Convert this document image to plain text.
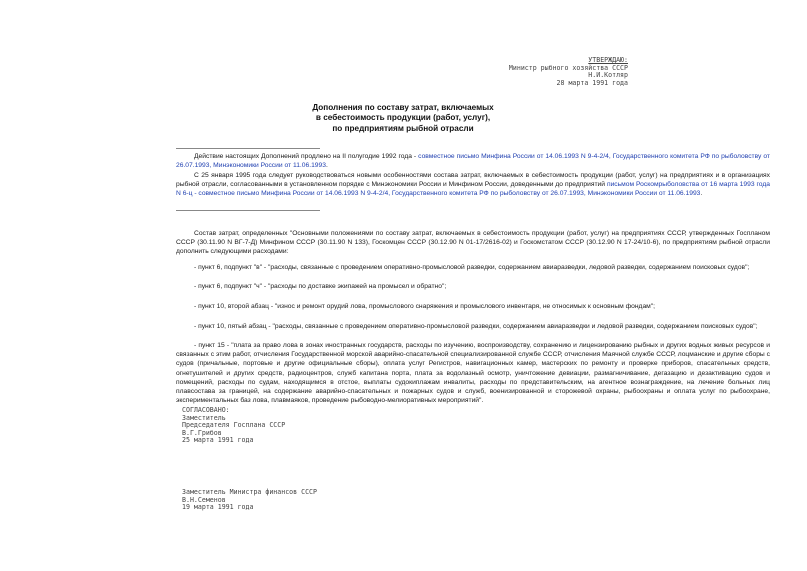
УТВЕРЖДАЮ:
Министр рыбного хозяйства СССР
Н.И.Котляр
28 марта 1991 года
Дополнения по составу затрат, включаемых
в себестоимость продукции (работ, услуг),
по предприятиям рыбной отрасли
Действие настоящих Дополнений продлено на II полугодие 1992 года - совместное письмо Минфина России от 14.06.1993 N 9-4-2/4, Государственного комитета РФ по рыболовству от 26.07.1993, Минэкономики России от 11.06.1993.
С 25 января 1995 года следует руководствоваться новыми особенностями состава затрат, включаемых в себестоимость продукции (работ, услуг) на предприятиях и в организациях рыбной отрасли, согласованными в установленном порядке с Минэкономики России и Минфином России, доведенными до предприятий письмом Роскомрыболовства от 16 марта 1993 года N 6-ц - совместное письмо Минфина России от 14.06.1993 N 9-4-2/4, Государственного комитета РФ по рыболовству от 26.07.1993, Минэкономики России от 11.06.1993.
Состав затрат, определенных "Основными положениями по составу затрат, включаемых в себестоимость продукции (работ, услуг) на предприятиях СССР, утвержденных Госпланом СССР (30.11.90 N ВГ-7-Д) Минфином СССР (30.11.90 N 133), Госкомцен СССР (30.12.90 N 01-17/2616-02) и Госкомстатом СССР (30.12.90 N 17-24/10-6), по предприятиям рыбной отрасли дополнить следующими расходами:
- пункт 6, подпункт "в" - "расходы, связанные с проведением оперативно-промысловой разведки, содержанием авиаразведки, ледовой разведки, содержанием поисковых судов";
- пункт 6, подпункт "ч" - "расходы по доставке экипажей на промысел и обратно";
- пункт 10, второй абзац - "износ и ремонт орудий лова, промыслового снаряжения и промыслового инвентаря, не относимых к основным фондам";
- пункт 10, пятый абзац - "расходы, связанные с проведением оперативно-промысловой разведки, содержанием авиаразведки и ледовой разведки, содержанием поисковых судов";
- пункт 15 - "плата за право лова в зонах иностранных государств, расходы по изучению, воспроизводству, сохранению и лицензированию рыбных и других водных живых ресурсов и связанных с этим работ, отчисления Государственной морской аварийно-спасательной специализированной службе СССР, отчисления Маячной службе СССР, лоцманские и другие сборы с судов (причальные, портовые и другие официальные сборы), оплата услуг Регистров, навигационных камер, мастерских по ремонту и проверке приборов, спасательных средств, огнетушителей и других средств, радиоцентров, служб капитана порта, плата за водолазный осмотр, уничтожение девиации, размагничивание, дегазацию и дезактивацию судов и помещений, расходы по судам, находящимся в отстое, выплаты судокиплажам инвалиты, расходы по представительским, на агентное вознаграждение, на лечение больных лиц плавсостава за границей, на содержание аварийно-спасательных и пожарных судов и служб, военизированной и сторожевой охраны, рыбоохраны и оплата услуг по рыбоохране, экспериментальных баз лова, плавмаяков, проведение рыбоводно-мелиоративных мероприятий".
СОГЛАСОВАНО:
Заместитель
Председателя Госплана СССР
В.Г.Грибов
25 марта 1991 года
Заместитель Министра финансов СССР
В.Н.Семенов
19 марта 1991 года
